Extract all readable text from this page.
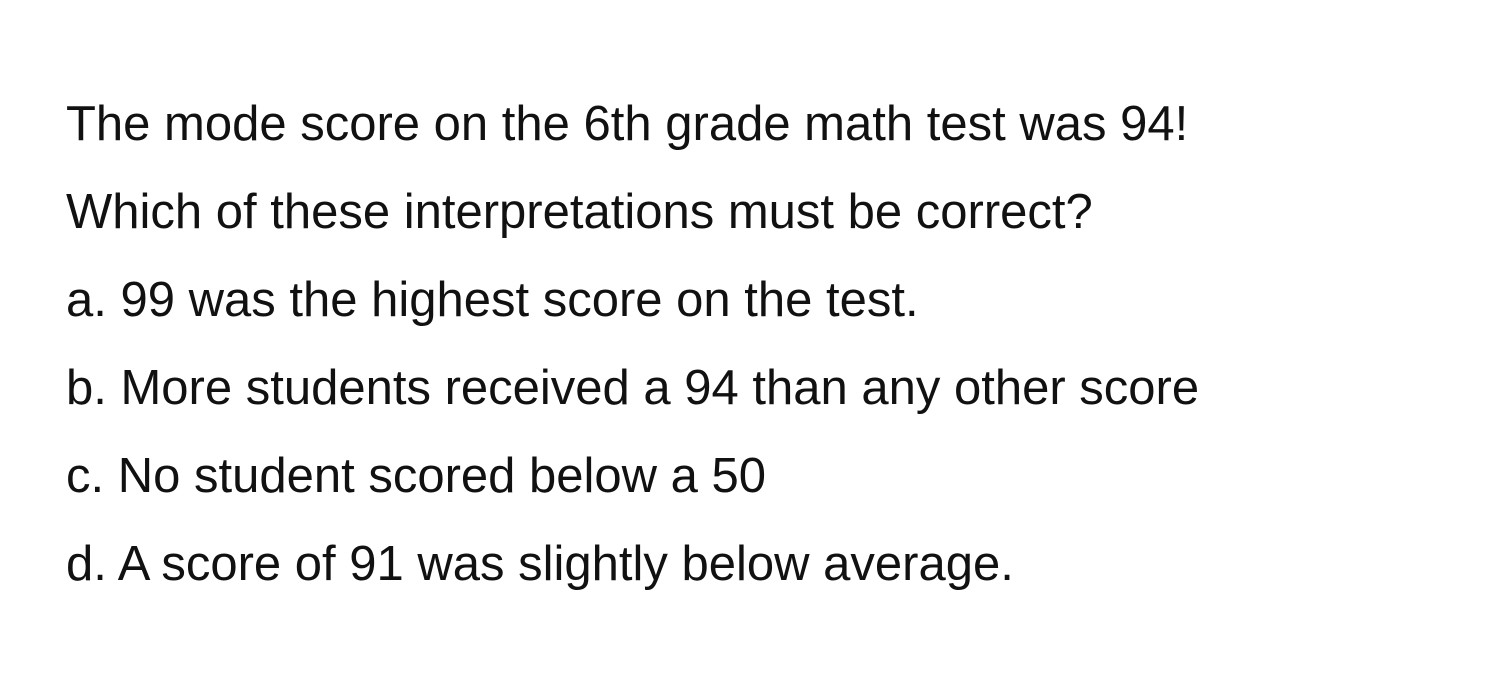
The mode score on the 6th grade math test was 94!
Which of these interpretations must be correct?
a. 99 was the highest score on the test.
b. More students received a 94 than any other score
c. No student scored below a 50
d. A score of 91 was slightly below average.
